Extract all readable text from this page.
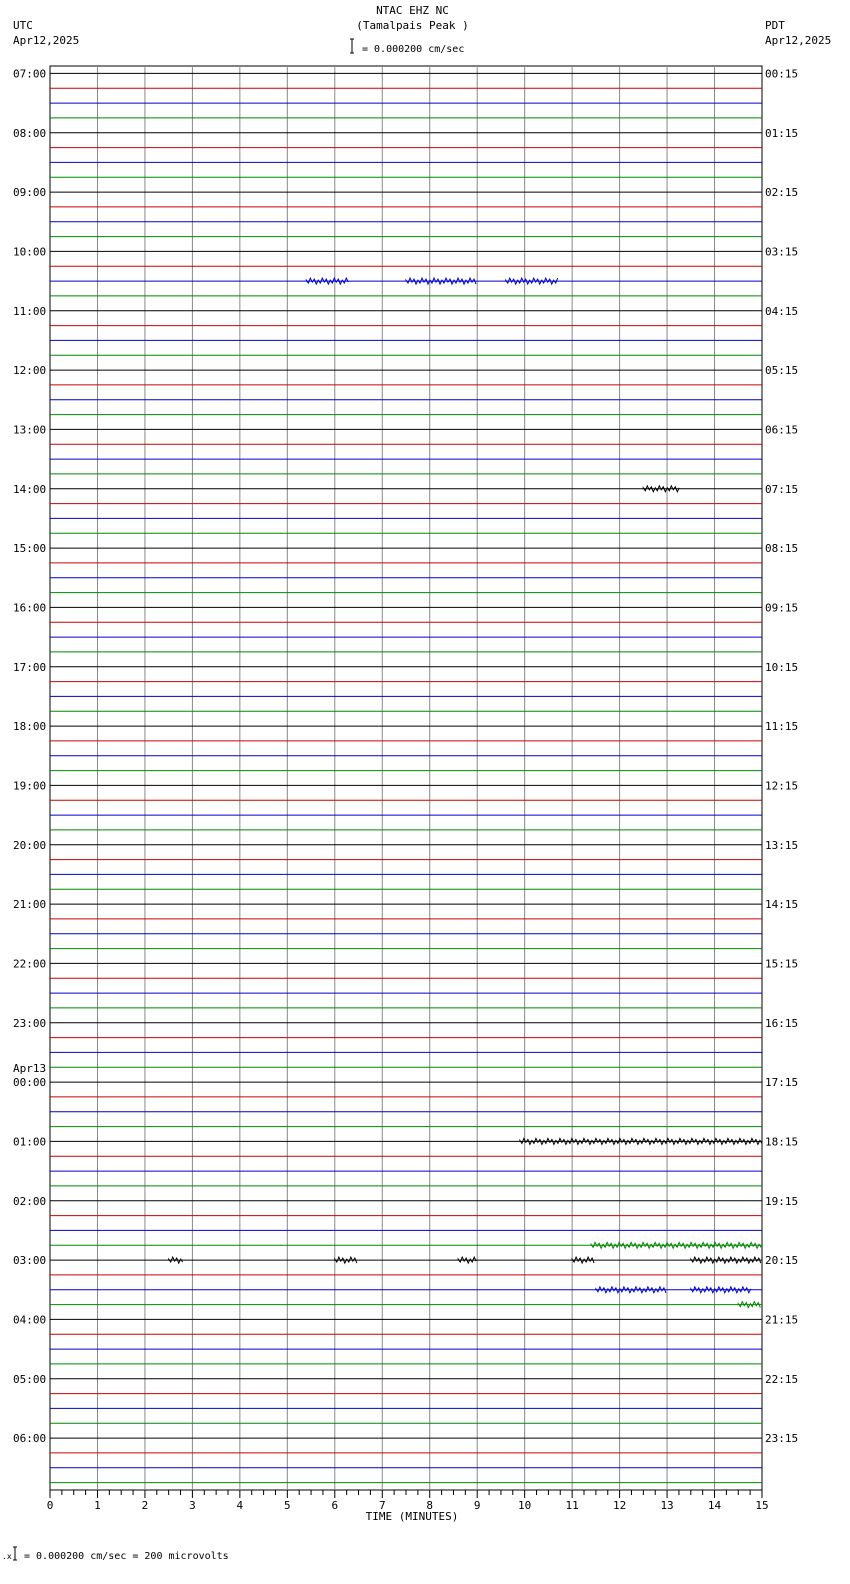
NTAC EHZ NC
(Tamalpais Peak )
= 0.000200 cm/sec
UTC
Apr12,2025
PDT
Apr12,2025
= 0.000200 cm/sec = 200 microvolts
.x
07:00
08:00
09:00
10:00
11:00
12:00
13:00
14:00
15:00
16:00
17:00
18:00
19:00
20:00
21:00
22:00
23:00
00:00
Apr13
01:00
02:00
03:00
04:00
05:00
06:00
00:15
01:15
02:15
03:15
04:15
05:15
06:15
07:15
08:15
09:15
10:15
11:15
12:15
13:15
14:15
15:15
16:15
17:15
18:15
19:15
20:15
21:15
22:15
23:15
0	1	2	3	4	5	6	7	8	9	10	11	12	13	14	15
TIME (MINUTES)
